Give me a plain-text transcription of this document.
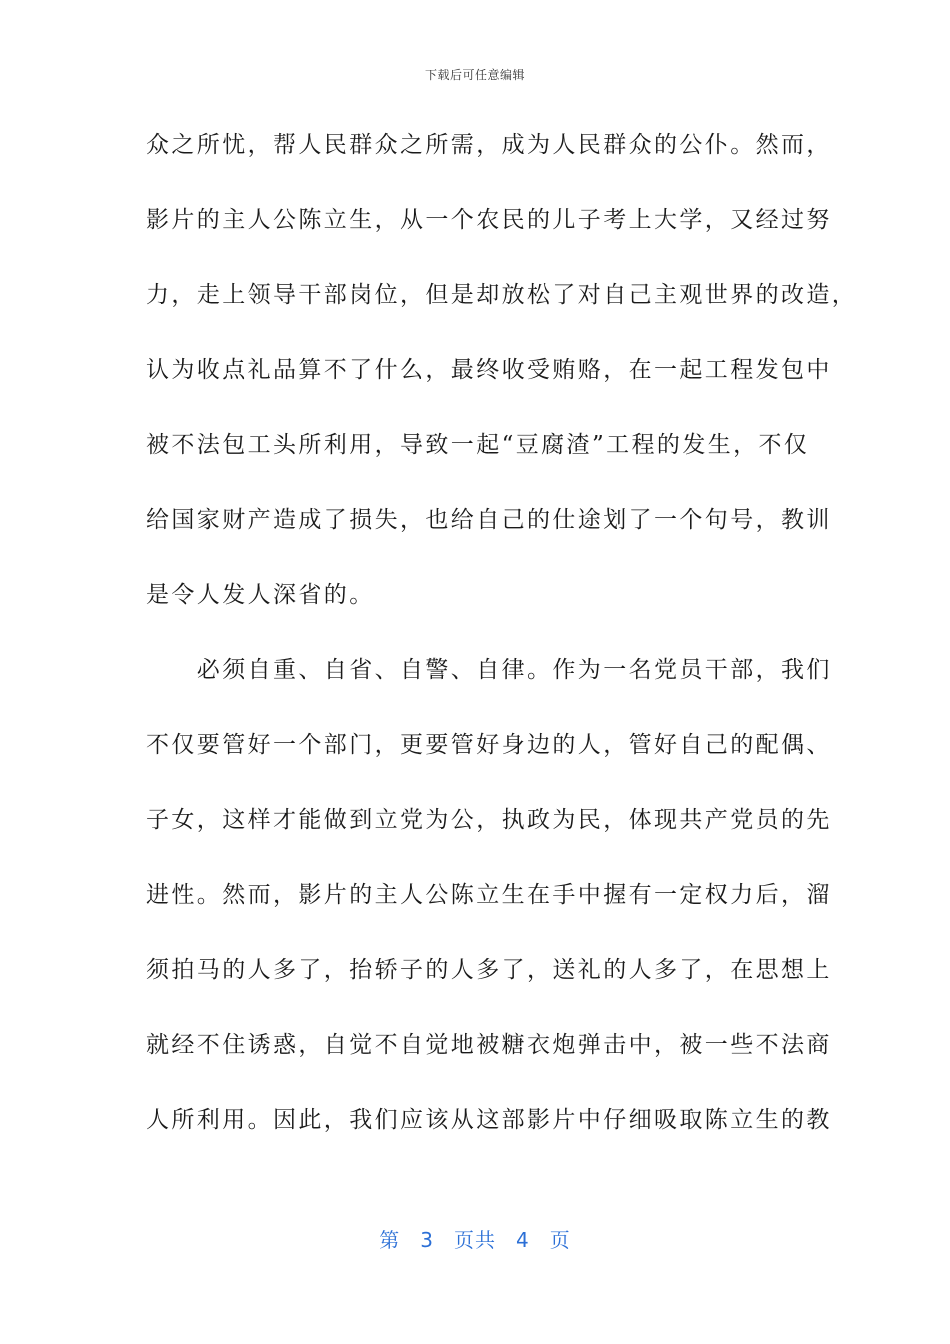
下载后可任意编辑
众之所忧，帮人民群众之所需，成为人民群众的公仆。然而，
影片的主人公陈立生，从一个农民的儿子考上大学，又经过努
力，走上领导干部岗位，但是却放松了对自己主观世界的改造，
认为收点礼品算不了什么，最终收受贿赂，在一起工程发包中
被不法包工头所利用，导致一起“豆腐渣”工程的发生，不仅
给国家财产造成了损失，也给自己的仕途划了一个句号，教训
是令人发人深省的。
　　必须自重、自省、自警、自律。作为一名党员干部，我们
不仅要管好一个部门，更要管好身边的人，管好自己的配偶、
子女，这样才能做到立党为公，执政为民，体现共产党员的先
进性。然而，影片的主人公陈立生在手中握有一定权力后，溜
须拍马的人多了，抬轿子的人多了，送礼的人多了，在思想上
就经不住诱惑，自觉不自觉地被糖衣炮弹击中，被一些不法商
人所利用。因此，我们应该从这部影片中仔细吸取陈立生的教
第 3 页共 4 页
